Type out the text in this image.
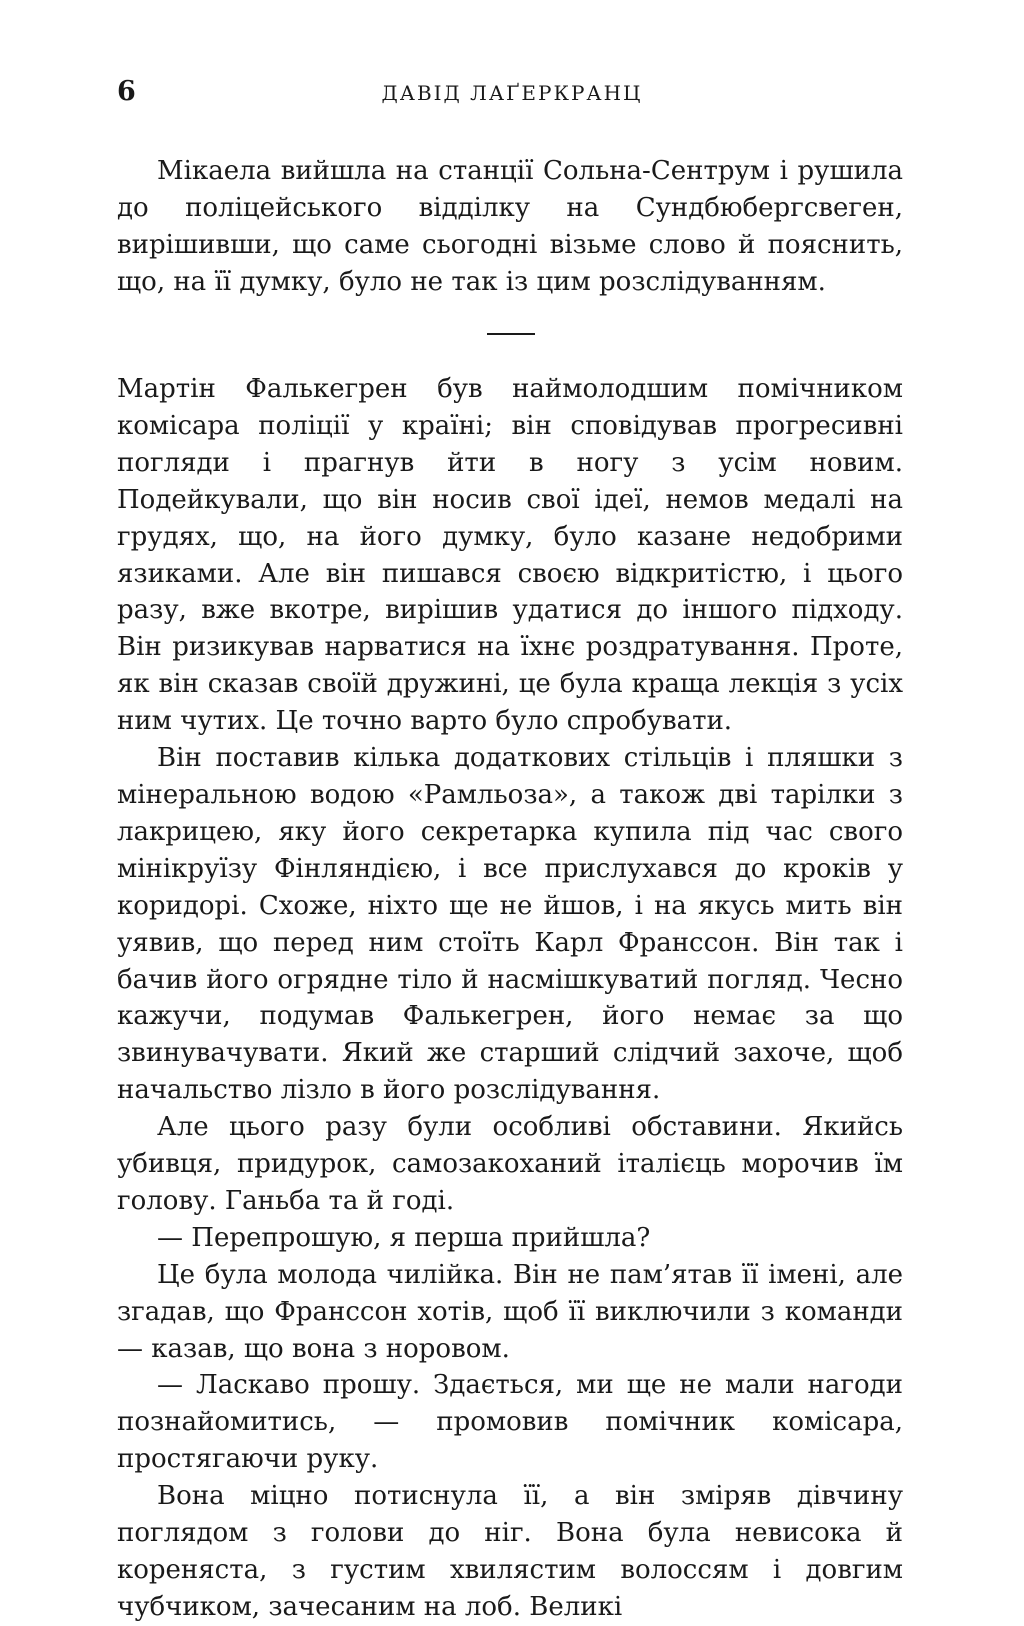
6	ДАВІД ЛАҐЕРКРАНЦ

Мікаела вийшла на станції Сольна-Сентрум і рушила до поліцейського відділку на Сундбюбергсвеген, вирішивши, що саме сьогодні візьме слово й пояснить, що, на її думку, було не так із цим розслідуванням.

Мартін Фалькегрен був наймолодшим помічником комісара поліції у країні; він сповідував прогресивні погляди і прагнув йти в ногу з усім новим. Подейкували, що він носив свої ідеї, немов медалі на грудях, що, на його думку, було казане недобрими язиками. Але він пишався своєю відкритістю, і цього разу, вже вкотре, вирішив удатися до іншого підходу. Він ризикував нарватися на їхнє роздратування. Проте, як він сказав своїй дружині, це була краща лекція з усіх ним чутих. Це точно варто було спробувати.

Він поставив кілька додаткових стільців і пляшки з мінеральною водою «Рамльоза», а також дві тарілки з лакрицею, яку його секретарка купила під час свого мінікруїзу Фінляндією, і все прислухався до кроків у коридорі. Схоже, ніхто ще не йшов, і на якусь мить він уявив, що перед ним стоїть Карл Франссон. Він так і бачив його огрядне тіло й насмішкуватий погляд. Чесно кажучи, подумав Фалькегрен, його немає за що звинувачувати. Який же старший слідчий захоче, щоб начальство лізло в його розслідування.

Але цього разу були особливі обставини. Якийсь убивця, придурок, самозакоханий італієць морочив їм голову. Ганьба та й годі.

— Перепрошую, я перша прийшла?

Це була молода чилійка. Він не пам’ятав її імені, але згадав, що Франссон хотів, щоб її виключили з команди — казав, що вона з норовом.

— Ласкаво прошу. Здається, ми ще не мали нагоди познайомитись, — промовив помічник комісара, простягаючи руку.

Вона міцно потиснула її, а він зміряв дівчину поглядом з голови до ніг. Вона була невисока й кореняста, з густим хвилястим волоссям і довгим чубчиком, зачесаним на лоб. Великі
